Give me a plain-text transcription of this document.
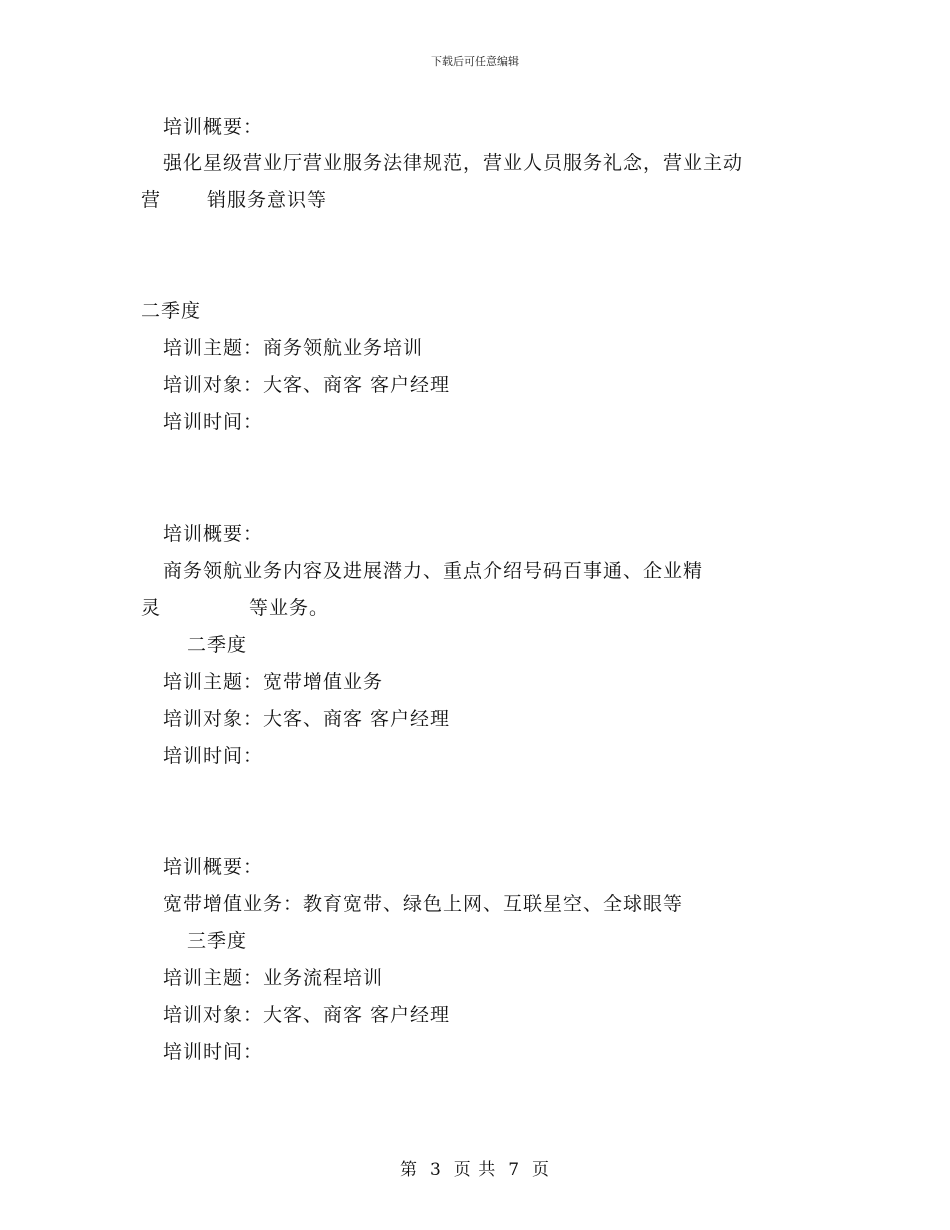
下载后可任意编辑
培训概要：
强化星级营业厅营业服务法律规范，营业人员服务礼念，营业主动
营 销服务意识等
二季度
培训主题：商务领航业务培训
培训对象：大客、商客 客户经理
培训时间：
培训概要：
商务领航业务内容及进展潜力、重点介绍号码百事通、企业精
灵	等业务。
二季度
培训主题：宽带增值业务
培训对象：大客、商客 客户经理
培训时间：
培训概要：
宽带增值业务：教育宽带、绿色上网、互联星空、全球眼等
三季度
培训主题：业务流程培训
培训对象：大客、商客 客户经理
培训时间：
第 3 页 共 7 页
